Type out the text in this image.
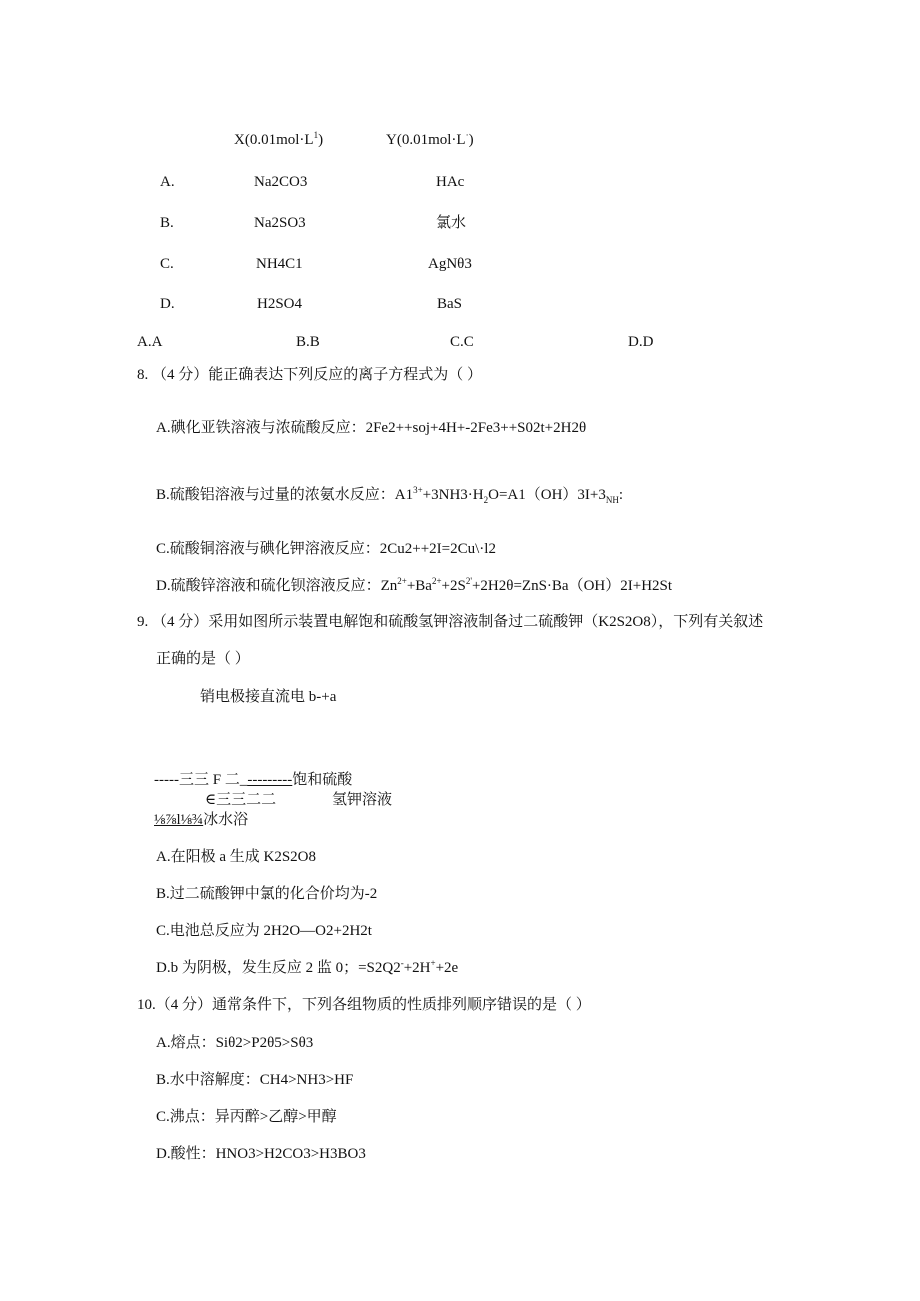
$X(0.01mol\cdot L^1)$	Y(0.01mol·L·)
A.	Na2CO3	HAc
B.	Na2SO3	氯水
C.	NH4C1	AgNθ3
D.	H2SO4	BaS
A.A	B.B	C.C	D.D
8. （4 分）能正确表达下列反应的离子方程式为（ ）
A.碘化亚铁溶液与浓硫酸反应：2Fe2++soj+4H+-2Fe3++S02t+2H2θ
B.硫酸铝溶液与过量的浓氨水反应：$A1^{3+}+3NH3\cdot H_2O=A1(OH)3I+3_{NH}$:
C.硫酸铜溶液与碘化钾溶液反应：2Cu2++2I=2Cu\·l2
D.硫酸锌溶液和硫化钡溶液反应：$Zn^{2+}+Ba^{2+}+2S^{2'}+2H2\theta=ZnS\cdot Ba(OH)2I+H2St$
9. （4 分）采用如图所示装置电解饱和硫酸氢钾溶液制备过二硫酸钾（K2S2O8），下列有关叙述
正确的是（ ）
销电极接直流电 b-+a
-----三三 F 二_---------饱和硫酸
∈三三二二	氢钾溶液
⅛⅞l⅛¾冰水浴
A.在阳极 a 生成 K2S2O8
B.过二硫酸钾中氯的化合价均为-2
C.电池总反应为 2H2O—O2+2H2t
D.b 为阴极，发生反应 2 监 0；=S2Q2-+2H++2e
10.（4 分）通常条件下，下列各组物质的性质排列顺序错误的是（ ）
A.熔点：Siθ2>P2θ5>Sθ3
B.水中溶解度：CH4>NH3>HF
C.沸点：异丙醉>乙醇>甲醇
D.酸性：HNO3>H2CO3>H3BO3
